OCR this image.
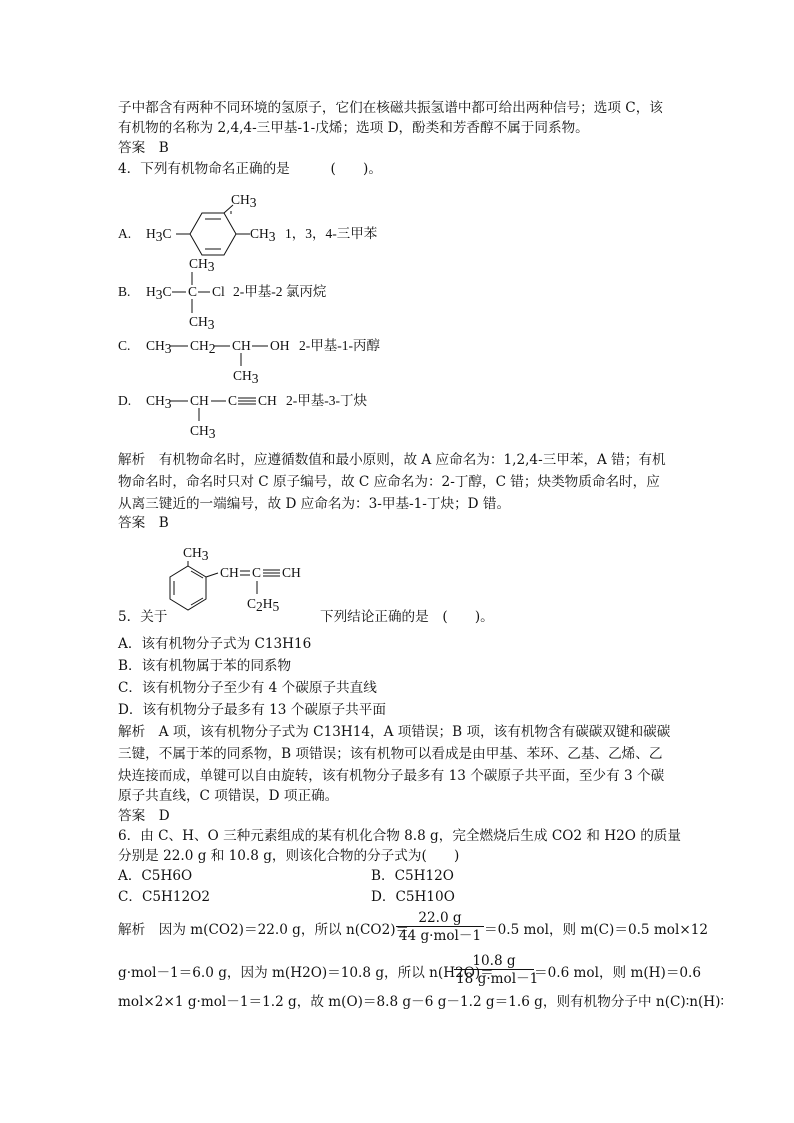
子中都含有两种不同环境的氢原子，它们在核磁共振氢谱中都可给出两种信号；选项 C，该
有机物的名称为 2,4,4-三甲基-1-戊烯；选项 D，酚类和芳香醇不属于同系物。
答案　B
4．下列有机物命名正确的是　　　(　　)。
A. H3C
CH3
CH3 1，3，4-三甲苯
CH3
B. H3C C Cl
CH3
2-甲基-2 氯丙烷
C. CH3 CH2 CH OH
CH3
2-甲基-1-丙醇
D. CH3 CH C CH
CH3
2-甲基-3-丁炔
CH3
CH C CH
C2H5
解析　有机物命名时，应遵循数值和最小原则，故 A 应命名为：1,2,4-三甲苯，A 错；有机
物命名时，命名时只对 C 原子编号，故 C 应命名为：2-丁醇，C 错；炔类物质命名时，应
从离三键近的一端编号，故 D 应命名为：3-甲基-1-丁炔；D 错。
答案　B
5．关于	下列结论正确的是　(　　)。
A．该有机物分子式为 C13H16
B．该有机物属于苯的同系物
C．该有机物分子至少有 4 个碳原子共直线
D．该有机物分子最多有 13 个碳原子共平面
解析　A 项，该有机物分子式为 C13H14，A 项错误；B 项，该有机物含有碳碳双键和碳碳
三键，不属于苯的同系物，B 项错误；该有机物可以看成是由甲基、苯环、乙基、乙烯、乙
炔连接而成，单键可以自由旋转，该有机物分子最多有 13 个碳原子共平面，至少有 3 个碳
原子共直线，C 项错误，D 项正确。
答案　D
6．由 C、H、O 三种元素组成的某有机化合物 8.8 g，完全燃烧后生成 CO2 和 H2O 的质量
分别是 22.0 g 和 10.8 g，则该化合物的分子式为(　　)
A．C5H6O	B．C5H12O
C．C5H12O2	D．C5H10O
解析　因为 m(CO2)＝22.0 g，所以 n(CO2)＝
22.0 g
44 g·mol－1 ＝0.5 mol，则 m(C)＝0.5 mol×12
g·mol－1＝6.0 g，因为 m(H2O)＝10.8 g，所以 n(H2O)＝
10.8 g
18 g·mol－1
＝0.6 mol，则 m(H)＝0.6
mol×2×1 g·mol－1＝1.2 g，故 m(O)＝8.8 g－6 g－1.2 g＝1.6 g，则有机物分子中 n(C)∶n(H)∶
